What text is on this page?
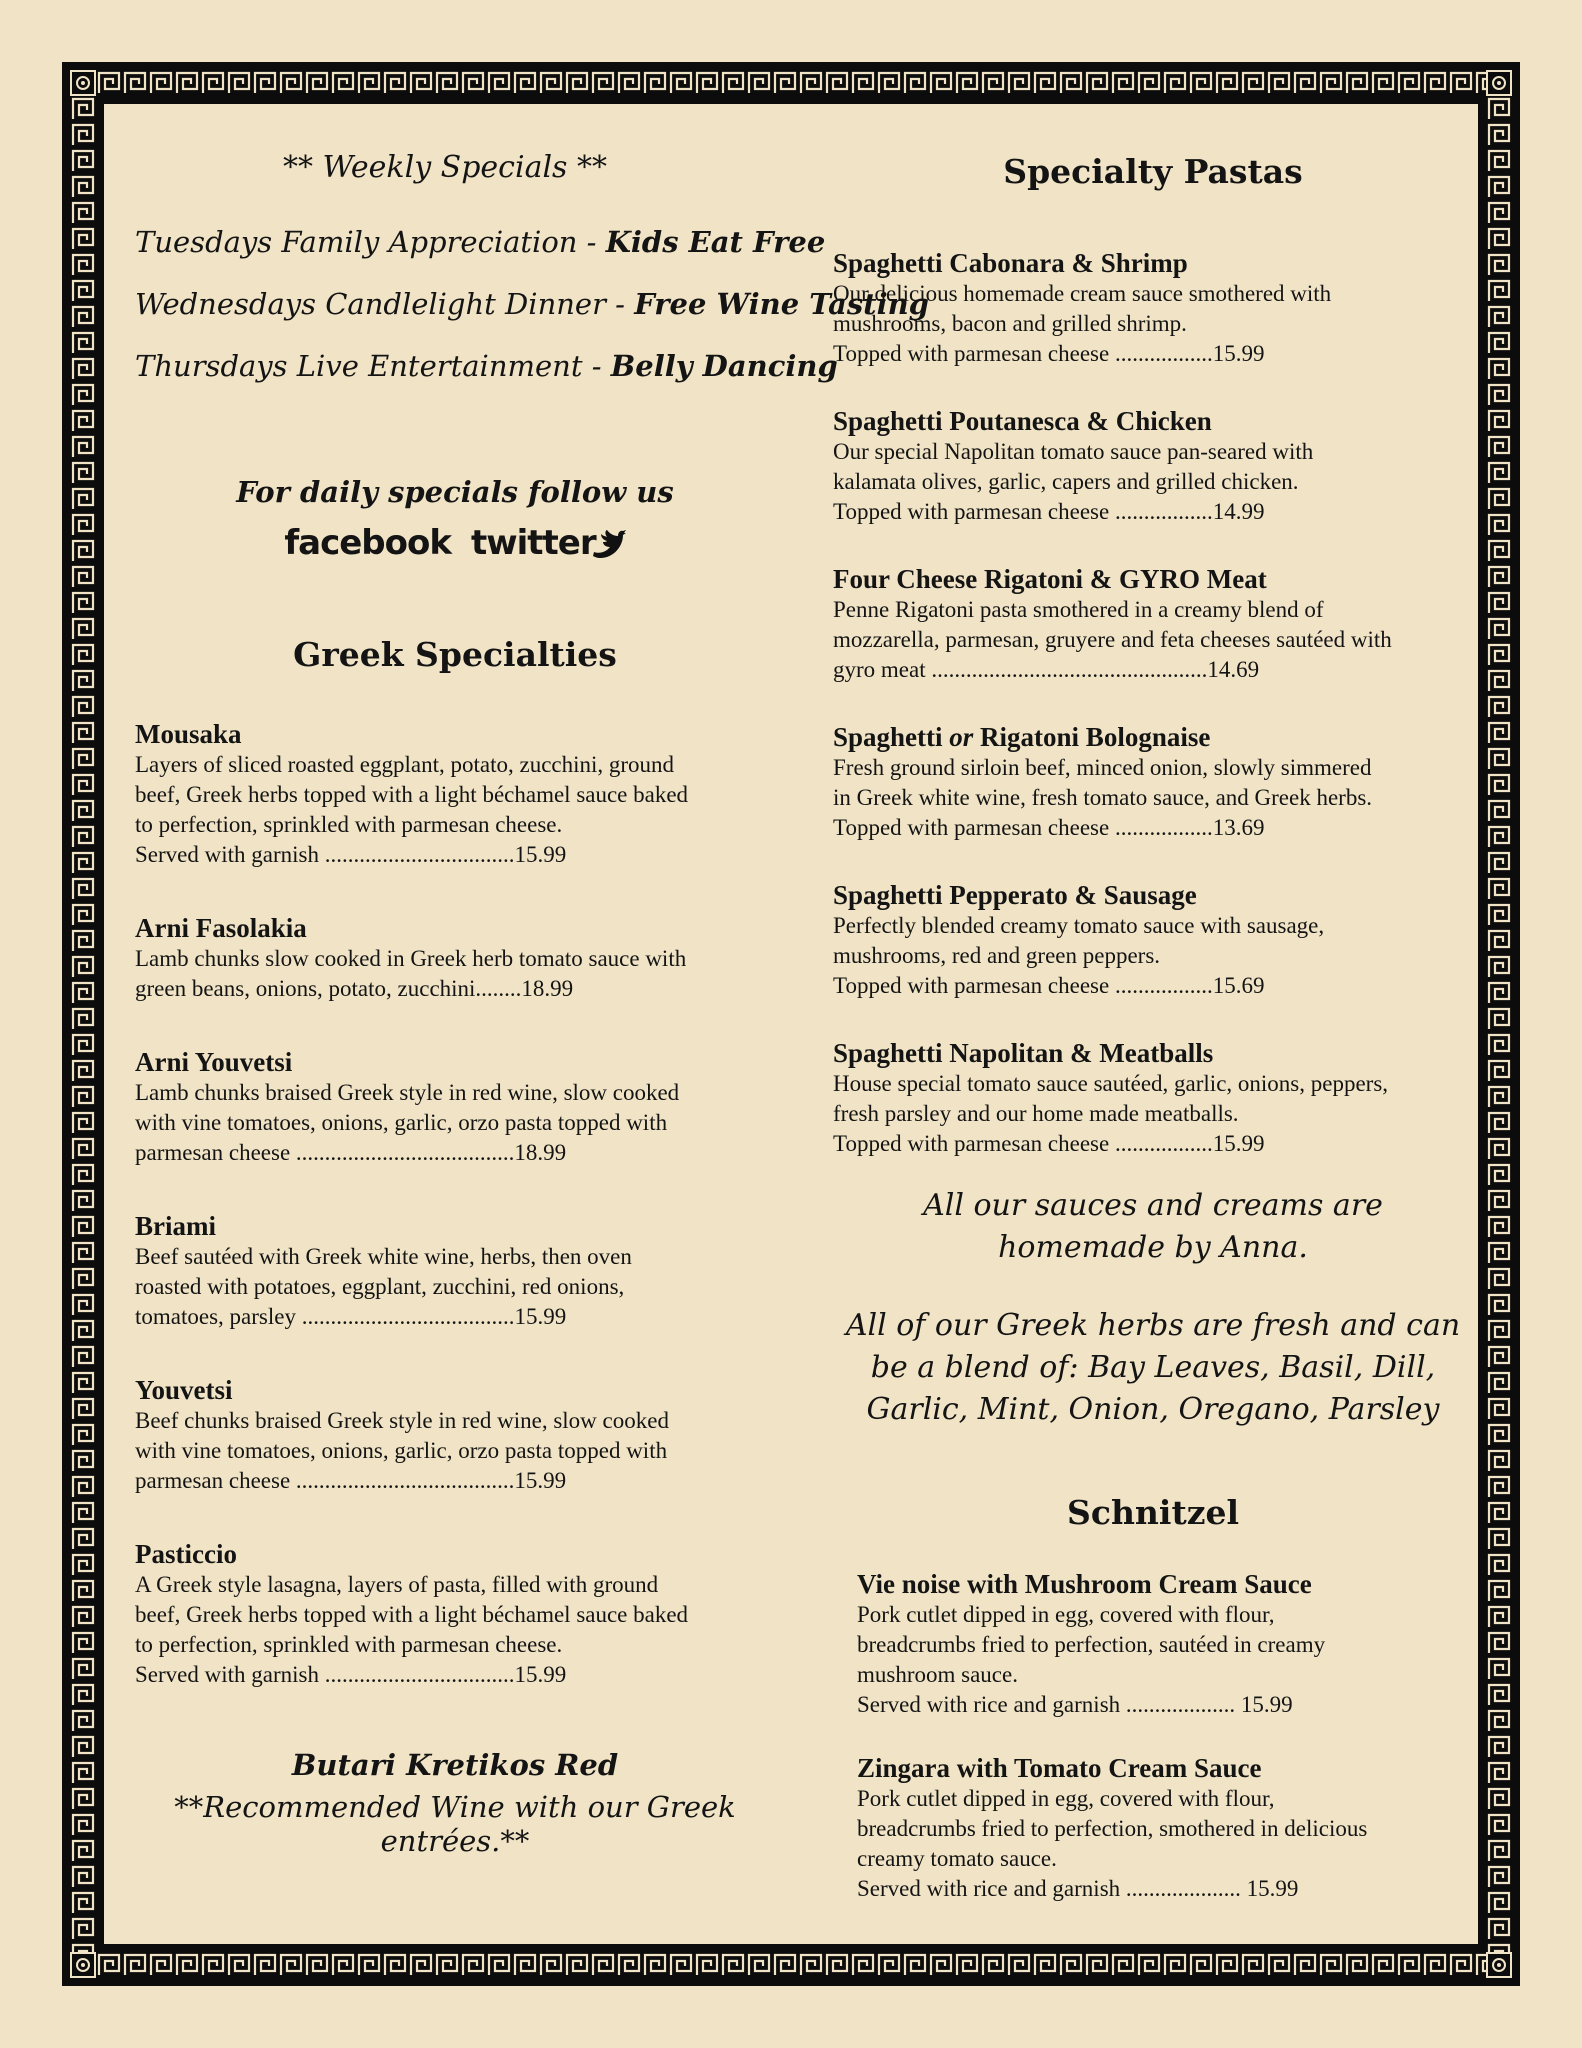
** Weekly Specials **
Tuesdays Family Appreciation - Kids Eat Free
Wednesdays Candlelight Dinner - Free Wine Tasting
Thursdays Live Entertainment - Belly Dancing
For daily specials follow us
facebook twitter
Greek Specialties
Mousaka
Layers of sliced roasted eggplant, potato, zucchini, ground
beef, Greek herbs topped with a light béchamel sauce baked
to perfection, sprinkled with parmesan cheese.
Served with garnish .................................15.99
Arni Fasolakia
Lamb chunks slow cooked in Greek herb tomato sauce with
green beans, onions, potato, zucchini........18.99
Arni Youvetsi
Lamb chunks braised Greek style in red wine, slow cooked
with vine tomatoes, onions, garlic, orzo pasta topped with
parmesan cheese ......................................18.99
Briami
Beef sautéed with Greek white wine, herbs, then oven
roasted with potatoes, eggplant, zucchini, red onions,
tomatoes, parsley .....................................15.99
Youvetsi
Beef chunks braised Greek style in red wine, slow cooked
with vine tomatoes, onions, garlic, orzo pasta topped with
parmesan cheese ......................................15.99
Pasticcio
A Greek style lasagna, layers of pasta, filled with ground
beef, Greek herbs topped with a light béchamel sauce baked
to perfection, sprinkled with parmesan cheese.
Served with garnish .................................15.99
Butari Kretikos Red
**Recommended Wine with our Greek entrées.**
Specialty Pastas
Spaghetti Cabonara & Shrimp
Our delicious homemade cream sauce smothered with
mushrooms, bacon and grilled shrimp.
Topped with parmesan cheese .................15.99
Spaghetti Poutanesca & Chicken
Our special Napolitan tomato sauce pan-seared with
kalamata olives, garlic, capers and grilled chicken.
Topped with parmesan cheese .................14.99
Four Cheese Rigatoni & GYRO Meat
Penne Rigatoni pasta smothered in a creamy blend of
mozzarella, parmesan, gruyere and feta cheeses sautéed with
gyro meat ................................................14.69
Spaghetti or Rigatoni Bolognaise
Fresh ground sirloin beef, minced onion, slowly simmered
in Greek white wine, fresh tomato sauce, and Greek herbs.
Topped with parmesan cheese .................13.69
Spaghetti Pepperato & Sausage
Perfectly blended creamy tomato sauce with sausage,
mushrooms, red and green peppers.
Topped with parmesan cheese .................15.69
Spaghetti Napolitan & Meatballs
House special tomato sauce sautéed, garlic, onions, peppers,
fresh parsley and our home made meatballs.
Topped with parmesan cheese .................15.99
All our sauces and creams are homemade by Anna.
All of our Greek herbs are fresh and can be a blend of: Bay Leaves, Basil, Dill, Garlic, Mint, Onion, Oregano, Parsley
Schnitzel
Vie noise with Mushroom Cream Sauce
Pork cutlet dipped in egg, covered with flour,
breadcrumbs fried to perfection, sautéed in creamy
mushroom sauce.
Served with rice and garnish ................... 15.99
Zingara with Tomato Cream Sauce
Pork cutlet dipped in egg, covered with flour,
breadcrumbs fried to perfection, smothered in delicious
creamy tomato sauce.
Served with rice and garnish .................... 15.99
